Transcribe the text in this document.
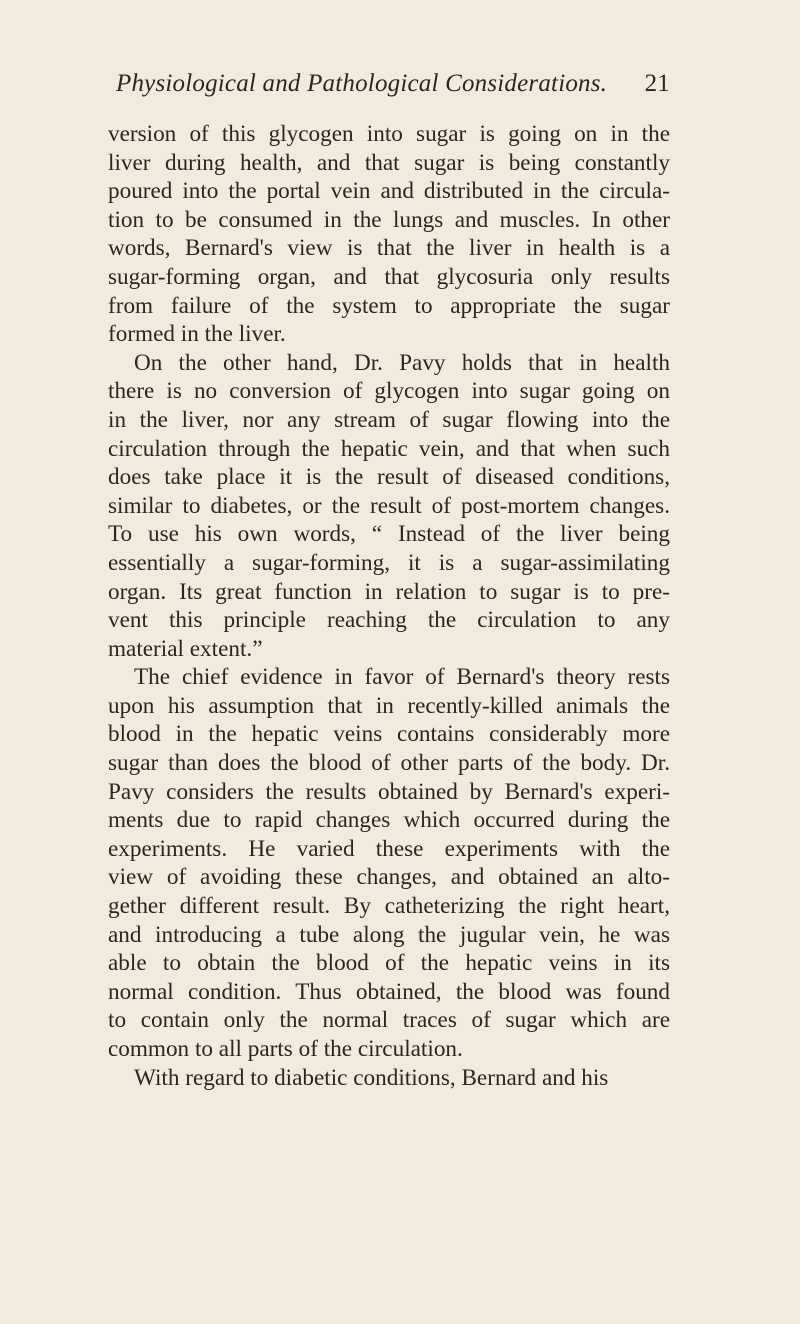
Physiological and Pathological Considerations. 21
version of this glycogen into sugar is going on in the
liver during health, and that sugar is being constantly
poured into the portal vein and distributed in the circula-
tion to be consumed in the lungs and muscles. In other
words, Bernard's view is that the liver in health is a
sugar-forming organ, and that glycosuria only results
from failure of the system to appropriate the sugar
formed in the liver.
On the other hand, Dr. Pavy holds that in health
there is no conversion of glycogen into sugar going on
in the liver, nor any stream of sugar flowing into the
circulation through the hepatic vein, and that when such
does take place it is the result of diseased conditions,
similar to diabetes, or the result of post-mortem changes.
To use his own words, “ Instead of the liver being
essentially a sugar-forming, it is a sugar-assimilating
organ. Its great function in relation to sugar is to pre-
vent this principle reaching the circulation to any
material extent.”
The chief evidence in favor of Bernard's theory rests
upon his assumption that in recently-killed animals the
blood in the hepatic veins contains considerably more
sugar than does the blood of other parts of the body. Dr.
Pavy considers the results obtained by Bernard's experi-
ments due to rapid changes which occurred during the
experiments. He varied these experiments with the
view of avoiding these changes, and obtained an alto-
gether different result. By catheterizing the right heart,
and introducing a tube along the jugular vein, he was
able to obtain the blood of the hepatic veins in its
normal condition. Thus obtained, the blood was found
to contain only the normal traces of sugar which are
common to all parts of the circulation.
With regard to diabetic conditions, Bernard and his
